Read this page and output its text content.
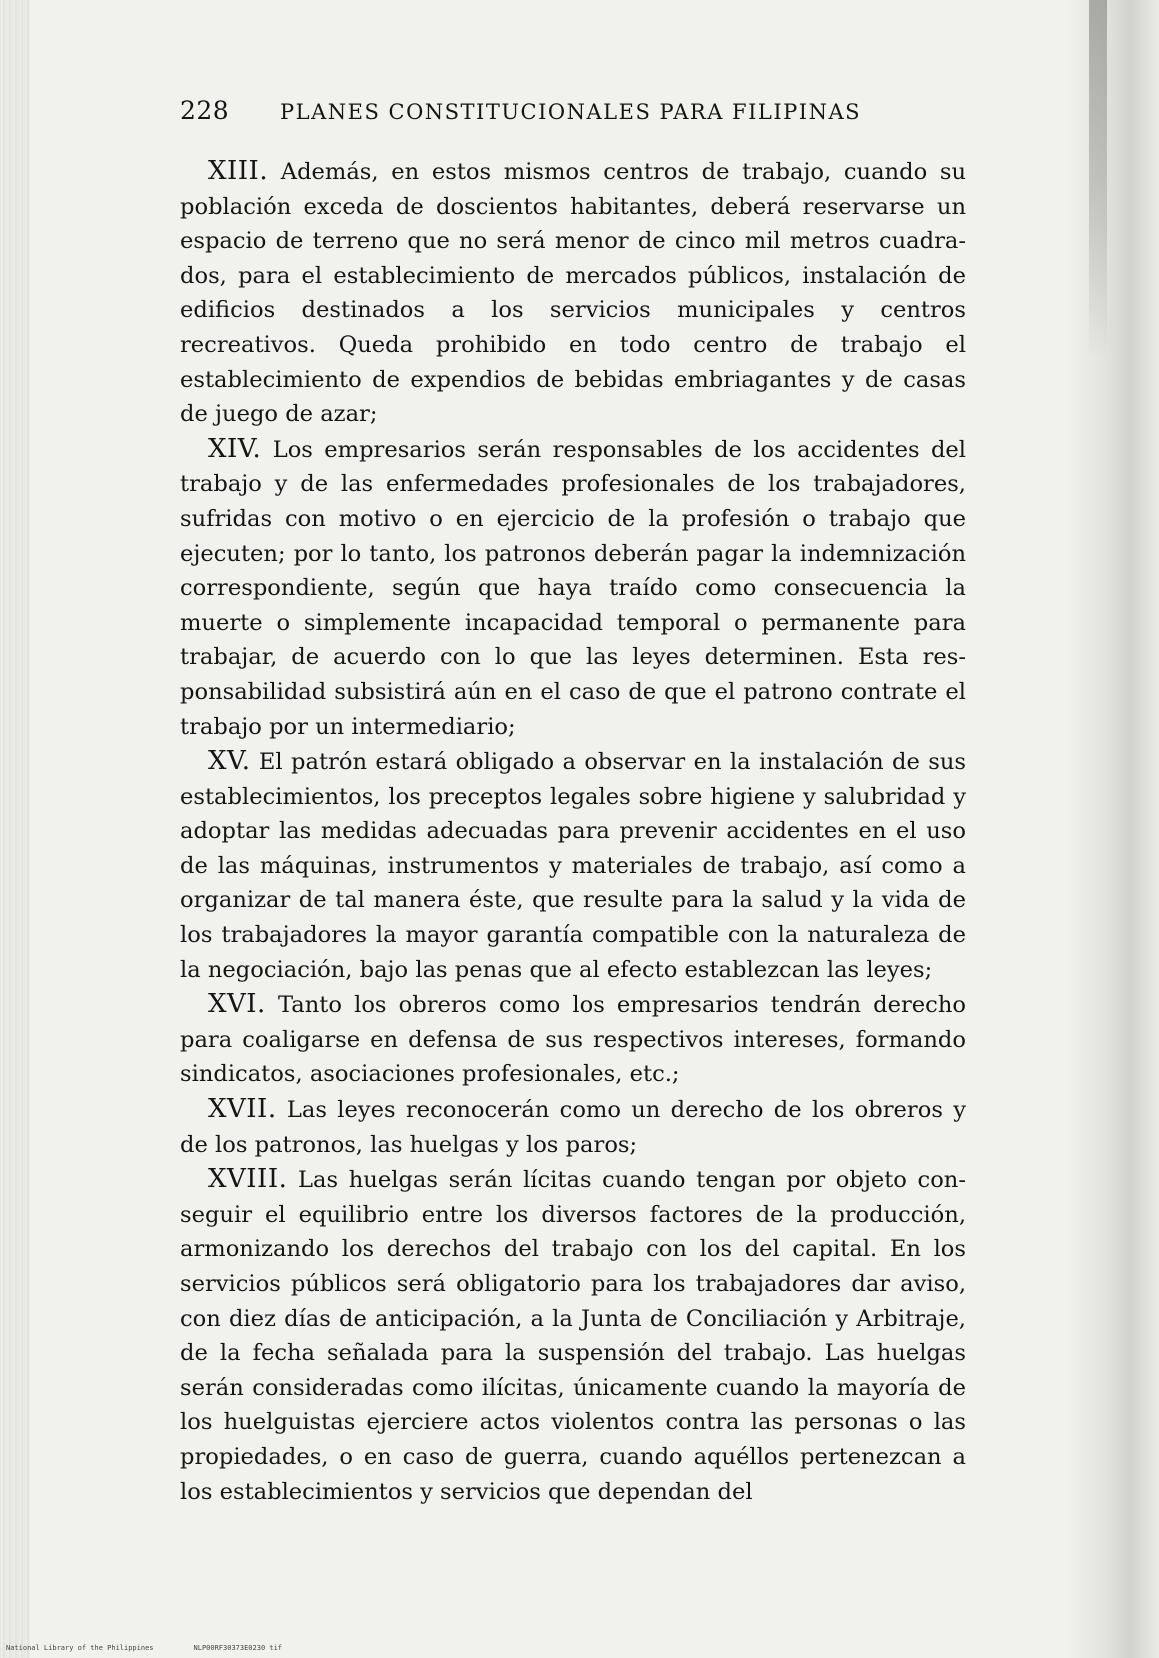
228	PLANES CONSTITUCIONALES PARA FILIPINAS

XIII. Además, en estos mismos centros de trabajo, cuando su población exceda de doscientos habitantes, deberá reservarse un espacio de terreno que no será menor de cinco mil metros cuadrados, para el establecimiento de mercados públicos, instalación de edificios destinados a los servicios municipales y centros recreativos. Queda prohibido en todo centro de trabajo el establecimiento de expendios de bebidas embriagantes y de casas de juego de azar;

XIV. Los empresarios serán responsables de los accidentes del trabajo y de las enfermedades profesionales de los trabajadores, sufridas con motivo o en ejercicio de la profesión o trabajo que ejecuten; por lo tanto, los patronos deberán pagar la indemnización correspondiente, según que haya traído como consecuencia la muerte o simplemente incapacidad temporal o permanente para trabajar, de acuerdo con lo que las leyes determinen. Esta responsabilidad subsistirá aún en el caso de que el patrono contrate el trabajo por un intermediario;

XV. El patrón estará obligado a observar en la instalación de sus establecimientos, los preceptos legales sobre higiene y salubridad y adoptar las medidas adecuadas para prevenir accidentes en el uso de las máquinas, instrumentos y materiales de trabajo, así como a organizar de tal manera éste, que resulte para la salud y la vida de los trabajadores la mayor garantía compatible con la naturaleza de la negociación, bajo las penas que al efecto establezcan las leyes;

XVI. Tanto los obreros como los empresarios tendrán derecho para coaligarse en defensa de sus respectivos intereses, formando sindicatos, asociaciones profesionales, etc.;

XVII. Las leyes reconocerán como un derecho de los obreros y de los patronos, las huelgas y los paros;

XVIII. Las huelgas serán lícitas cuando tengan por objeto conseguir el equilibrio entre los diversos factores de la producción, armonizando los derechos del trabajo con los del capital. En los servicios públicos será obligatorio para los trabajadores dar aviso, con diez días de anticipación, a la Junta de Conciliación y Arbitraje, de la fecha señalada para la suspensión del trabajo. Las huelgas serán consideradas como ilícitas, únicamente cuando la mayoría de los huelguistas ejerciere actos violentos contra las personas o las propiedades, o en caso de guerra, cuando aquéllos pertenezcan a los establecimientos y servicios que dependan del

National Library of the Philippines	NLP00RF30373E0230 tif
